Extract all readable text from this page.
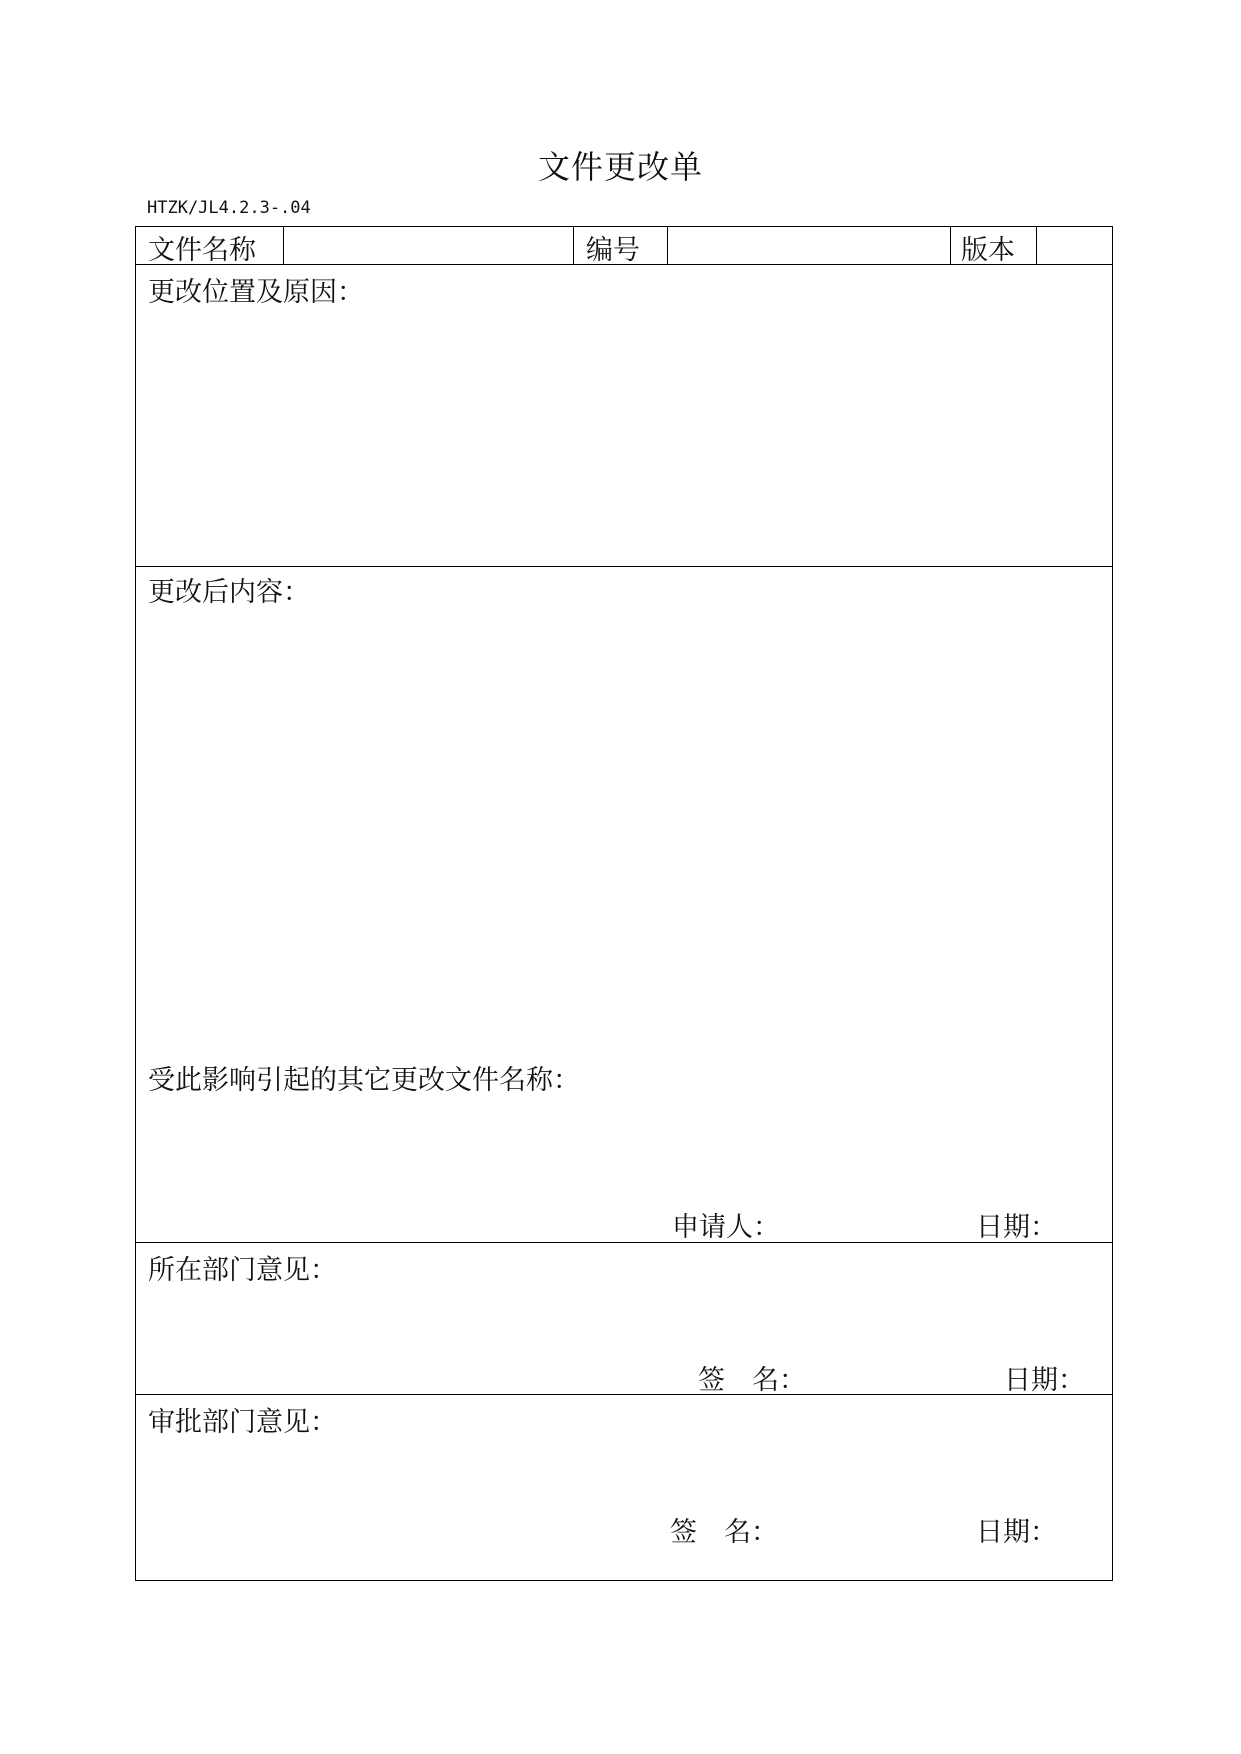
文件更改单
HTZK/JL4.2.3-.04
文件名称	编号	版本
更改位置及原因：
更改后内容：
受此影响引起的其它更改文件名称：
申请人：	日期：
所在部门意见：
签　名：	日期：
审批部门意见：
签　名：	日期：
